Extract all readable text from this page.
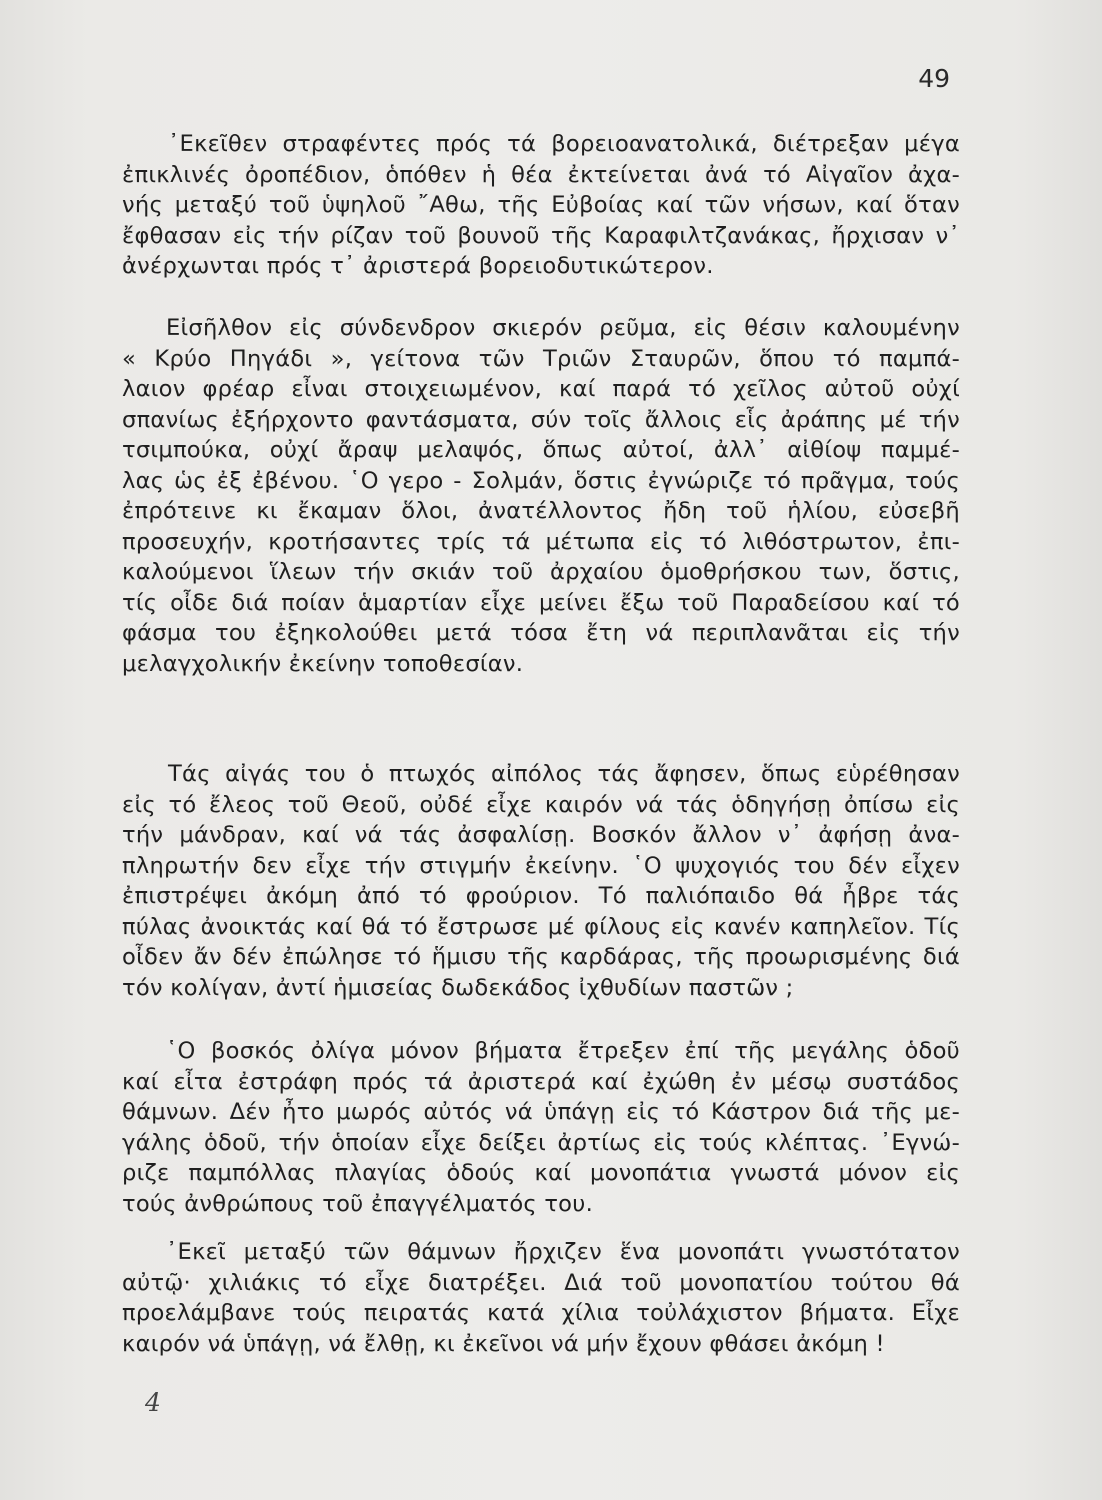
49
᾿Εκεῖθεν στραφέντες πρός τά βορειοανατολικά, διέτρεξαν μέγα
ἐπικλινές ὀροπέδιον, ὁπόθεν ἡ θέα ἐκτείνεται ἀνά τό Αἰγαῖον ἀχα-
νής μεταξύ τοῦ ὑψηλοῦ ῎Αθω, τῆς Εὐβοίας καί τῶν νήσων, καί ὅταν
ἔφθασαν εἰς τήν ρίζαν τοῦ βουνοῦ τῆς Καραφιλτζανάκας, ἤρχισαν ν᾽
ἀνέρχωνται πρός τ᾽ ἀριστερά βορειοδυτικώτερον.
Εἰσῆλθον εἰς σύνδενδρον σκιερόν ρεῦμα, εἰς θέσιν καλουμένην
« Κρύο Πηγάδι », γείτονα τῶν Τριῶν Σταυρῶν, ὅπου τό παμπά-
λαιον φρέαρ εἶναι στοιχειωμένον, καί παρά τό χεῖλος αὐτοῦ οὐχί
σπανίως ἐξήρχοντο φαντάσματα, σύν τοῖς ἄλλοις εἷς ἀράπης μέ τήν
τσιμπούκα, οὐχί ἄραψ μελαψός, ὅπως αὐτοί, ἀλλ᾽ αἰθίοψ παμμέ-
λας ὡς ἐξ ἐβένου. ῾Ο γερο - Σολμάν, ὅστις ἐγνώριζε τό πρᾶγμα, τούς
ἐπρότεινε κι ἔκαμαν ὅλοι, ἀνατέλλοντος ἤδη τοῦ ἡλίου, εὐσεβῆ
προσευχήν, κροτήσαντες τρίς τά μέτωπα εἰς τό λιθόστρωτον, ἐπι-
καλούμενοι ἵλεων τήν σκιάν τοῦ ἀρχαίου ὁμοθρήσκου των, ὅστις,
τίς οἶδε διά ποίαν ἁμαρτίαν εἶχε μείνει ἔξω τοῦ Παραδείσου καί τό
φάσμα του ἐξηκολούθει μετά τόσα ἔτη νά περιπλανᾶται εἰς τήν
μελαγχολικήν ἐκείνην τοποθεσίαν.
Τάς αἰγάς του ὁ πτωχός αἰπόλος τάς ἄφησεν, ὅπως εὑρέθησαν
εἰς τό ἔλεος τοῦ Θεοῦ, οὐδέ εἶχε καιρόν νά τάς ὁδηγήσῃ ὀπίσω εἰς
τήν μάνδραν, καί νά τάς ἀσφαλίσῃ. Βοσκόν ἄλλον ν᾽ ἀφήσῃ ἀνα-
πληρωτήν δεν εἶχε τήν στιγμήν ἐκείνην. ῾Ο ψυχογιός του δέν εἶχεν
ἐπιστρέψει ἀκόμη ἀπό τό φρούριον. Τό παλιόπαιδο θά ἦβρε τάς
πύλας ἀνοικτάς καί θά τό ἔστρωσε μέ φίλους εἰς κανέν καπηλεῖον. Τίς
οἶδεν ἄν δέν ἐπώλησε τό ἥμισυ τῆς καρδάρας, τῆς προωρισμένης διά
τόν κολίγαν, ἀντί ἡμισείας δωδεκάδος ἰχθυδίων παστῶν ;
῾Ο βοσκός ὀλίγα μόνον βήματα ἔτρεξεν ἐπί τῆς μεγάλης ὁδοῦ
καί εἶτα ἐστράφη πρός τά ἀριστερά καί ἐχώθη ἐν μέσῳ συστάδος
θάμνων. Δέν ἦτο μωρός αὐτός νά ὑπάγῃ εἰς τό Κάστρον διά τῆς με-
γάλης ὁδοῦ, τήν ὁποίαν εἶχε δείξει ἀρτίως εἰς τούς κλέπτας. ᾿Εγνώ-
ριζε παμπόλλας πλαγίας ὁδούς καί μονοπάτια γνωστά μόνον εἰς
τούς ἀνθρώπους τοῦ ἐπαγγέλματός του.
᾿Εκεῖ μεταξύ τῶν θάμνων ἤρχιζεν ἕνα μονοπάτι γνωστότατον
αὐτῷ· χιλιάκις τό εἶχε διατρέξει. Διά τοῦ μονοπατίου τούτου θά
προελάμβανε τούς πειρατάς κατά χίλια τοὐλάχιστον βήματα. Εἶχε
καιρόν νά ὑπάγῃ, νά ἔλθῃ, κι ἐκεῖνοι νά μήν ἔχουν φθάσει ἀκόμη !
4
